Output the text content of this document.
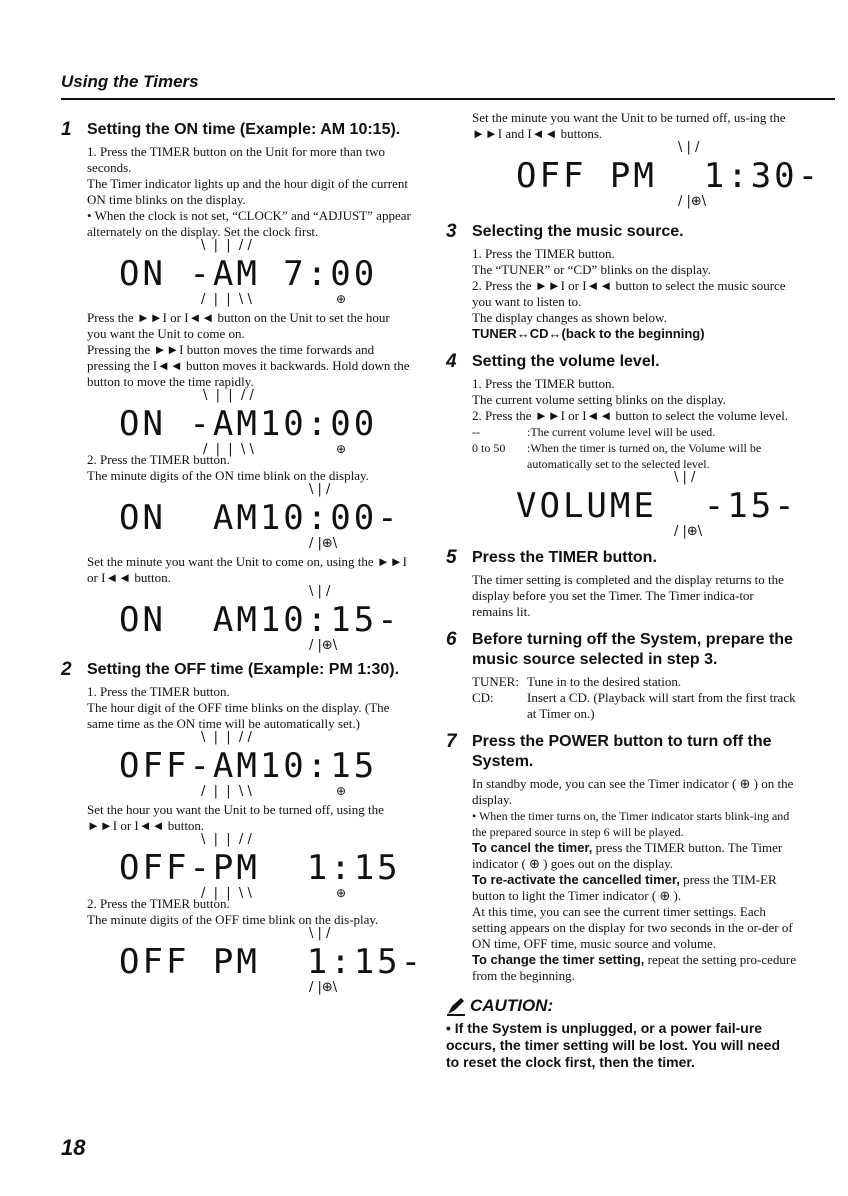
Using the Timers
1 Setting the ON time (Example: AM 10:15).

1. Press the TIMER button on the Unit for more than two seconds.

The Timer indicator lights up and the hour digit of the current ON time blinks on the display.

• When the clock is not set, “CLOCK” and “ADJUST” appear alternately on the display. Set the clock first.

\  |  |  / /
ON -AM 7:00
/  |  |  \ \	⊕

Press the ►►I or I◄◄ button on the Unit to set the hour you want the Unit to come on.

Pressing the ►►I button moves the time forwards and pressing the I◄◄ button moves it backwards. Hold down the button to move the time rapidly.

\  |  |  / /
ON -AM10:00
/  |  |  \ \	⊕

2. Press the TIMER button.

The minute digits of the ON time blink on the display.

\ | /
ON  AM10:00-
/ |⊕\

Set the minute you want the Unit to come on, using the ►►I or I◄◄ button.

\ | /
ON  AM10:15-
/ |⊕\
2 Setting the OFF time (Example: PM 1:30).

1. Press the TIMER button.

The hour digit of the OFF time blinks on the display. (The same time as the ON time will be automatically set.)

\  |  |  / /
OFF-AM10:15
/  |  |  \ \	⊕

Set the hour you want the Unit to be turned off, using the ►►I or I◄◄ button.

\  |  |  / /
OFF-PM  1:15
/  |  |  \ \	⊕

2. Press the TIMER button.

The minute digits of the OFF time blink on the dis-play.

\ | /
OFF PM  1:15-
/ |⊕\

Set the minute you want the Unit to be turned off, us-ing the ►►I and I◄◄ buttons.

\ | /
OFF PM  1:30-
/ |⊕\
3 Selecting the music source.

1. Press the TIMER button.

The “TUNER” or “CD” blinks on the display.

2. Press the ►►I or I◄◄ button to select the music source you want to listen to.

The display changes as shown below.

TUNER↔CD↔(back to the beginning)

4 Setting the volume level.

1. Press the TIMER button.

The current volume setting blinks on the display.

2. Press the ►►I or I◄◄ button to select the volume level.

--	:The current volume level will be used.
0 to 50	:When the timer is turned on, the Volume will be automatically set to the selected level.
\ | /
VOLUME  -15-
/ |⊕\
5 Press the TIMER button.

The timer setting is completed and the display returns to the display before you set the Timer. The Timer indica-tor remains lit.

6 Before turning off the System, prepare the music source selected in step 3.
TUNER: Tune in to the desired station.
CD:	Insert a CD. (Playback will start from the first track at Timer on.)
7 Press the POWER button to turn off the System.

In standby mode, you can see the Timer indicator ( ⊕ ) on the display.

• When the timer turns on, the Timer indicator starts blink-ing and the prepared source in step 6 will be played.

To cancel the timer, press the TIMER button. The Timer indicator ( ⊕ ) goes out on the display.

To re-activate the cancelled timer, press the TIM-ER button to light the Timer indicator ( ⊕ ).

At this time, you can see the current timer settings. Each setting appears on the display for two seconds in the or-der of ON time, OFF time, music source and volume.

To change the timer setting, repeat the setting pro-cedure from the beginning.

CAUTION:

• If the System is unplugged, or a power fail-ure occurs, the timer setting will be lost. You will need to reset the clock first, then the timer.

18
